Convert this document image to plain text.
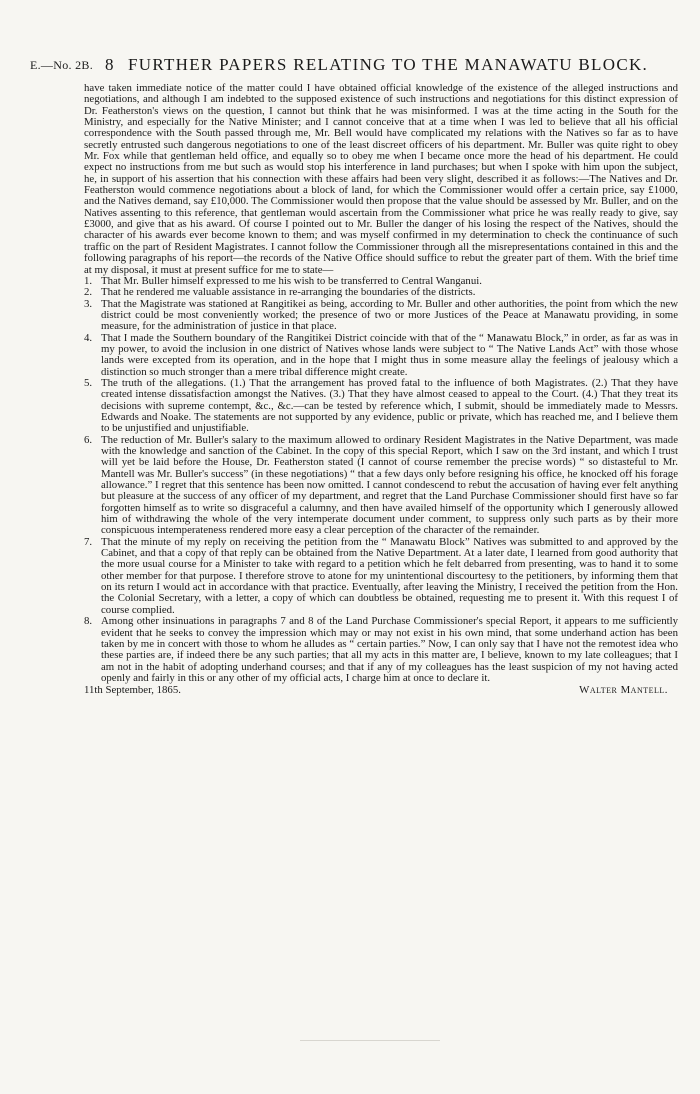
E.—No. 2B. 8 FURTHER PAPERS RELATING TO THE MANAWATU BLOCK.

have taken immediate notice of the matter could I have obtained official knowledge of the existence of the alleged instructions and negotiations, and although I am indebted to the supposed existence of such instructions and negotiations for this distinct expression of Dr. Featherston's views on the question, I cannot but think that he was misinformed. I was at the time acting in the South for the Ministry, and especially for the Native Minister; and I cannot conceive that at a time when I was led to believe that all his official correspondence with the South passed through me, Mr. Bell would have complicated my relations with the Natives so far as to have secretly entrusted such dangerous negotiations to one of the least discreet officers of his department. Mr. Buller was quite right to obey Mr. Fox while that gentleman held office, and equally so to obey me when I became once more the head of his department. He could expect no instructions from me but such as would stop his interference in land purchases; but when I spoke with him upon the subject, he, in support of his assertion that his connection with these affairs had been very slight, described it as follows:—The Natives and Dr. Featherston would commence negotiations about a block of land, for which the Commissioner would offer a certain price, say £1000, and the Natives demand, say £10,000. The Commissioner would then propose that the value should be assessed by Mr. Buller, and on the Natives assenting to this reference, that gentleman would ascertain from the Commissioner what price he was really ready to give, say £3000, and give that as his award. Of course I pointed out to Mr. Buller the danger of his losing the respect of the Natives, should the character of his awards ever become known to them; and was myself confirmed in my determination to check the continuance of such traffic on the part of Resident Magistrates. I cannot follow the Commissioner through all the misrepresentations contained in this and the following paragraphs of his report—the records of the Native Office should suffice to rebut the greater part of them. With the brief time at my disposal, it must at present suffice for me to state—

1. That Mr. Buller himself expressed to me his wish to be transferred to Central Wanganui.
2. That he rendered me valuable assistance in re-arranging the boundaries of the districts.
3. That the Magistrate was stationed at Rangitikei as being, according to Mr. Buller and other authorities, the point from which the new district could be most conveniently worked; the presence of two or more Justices of the Peace at Manawatu providing, in some measure, for the administration of justice in that place.
4. That I made the Southern boundary of the Rangitikei District coincide with that of the “ Manawatu Block,” in order, as far as was in my power, to avoid the inclusion in one district of Natives whose lands were subject to “ The Native Lands Act” with those whose lands were excepted from its operation, and in the hope that I might thus in some measure allay the feelings of jealousy which a distinction so much stronger than a mere tribal difference might create.
5. The truth of the allegations. (1.) That the arrangement has proved fatal to the influence of both Magistrates. (2.) That they have created intense dissatisfaction amongst the Natives. (3.) That they have almost ceased to appeal to the Court. (4.) That they treat its decisions with supreme contempt, &c., &c.—can be tested by reference which, I submit, should be immediately made to Messrs. Edwards and Noake. The statements are not supported by any evidence, public or private, which has reached me, and I believe them to be unjustified and unjustifiable.
6. The reduction of Mr. Buller's salary to the maximum allowed to ordinary Resident Magistrates in the Native Department, was made with the knowledge and sanction of the Cabinet. In the copy of this special Report, which I saw on the 3rd instant, and which I trust will yet be laid before the House, Dr. Featherston stated (I cannot of course remember the precise words) “ so distasteful to Mr. Mantell was Mr. Buller's success” (in these negotiations) “ that a few days only before resigning his office, he knocked off his forage allowance.” I regret that this sentence has been now omitted. I cannot condescend to rebut the accusation of having ever felt anything but pleasure at the success of any officer of my department, and regret that the Land Purchase Commissioner should first have so far forgotten himself as to write so disgraceful a calumny, and then have availed himself of the opportunity which I generously allowed him of withdrawing the whole of the very intemperate document under comment, to suppress only such parts as by their more conspicuous intemperateness rendered more easy a clear perception of the character of the remainder.
7. That the minute of my reply on receiving the petition from the “ Manawatu Block” Natives was submitted to and approved by the Cabinet, and that a copy of that reply can be obtained from the Native Department. At a later date, I learned from good authority that the more usual course for a Minister to take with regard to a petition which he felt debarred from presenting, was to hand it to some other member for that purpose. I therefore strove to atone for my unintentional discourtesy to the petitioners, by informing them that on its return I would act in accordance with that practice. Eventually, after leaving the Ministry, I received the petition from the Hon. the Colonial Secretary, with a letter, a copy of which can doubtless be obtained, requesting me to present it. With this request I of course complied.
8. Among other insinuations in paragraphs 7 and 8 of the Land Purchase Commissioner's special Report, it appears to me sufficiently evident that he seeks to convey the impression which may or may not exist in his own mind, that some underhand action has been taken by me in concert with those to whom he alludes as “ certain parties.” Now, I can only say that I have not the remotest idea who these parties are, if indeed there be any such parties; that all my acts in this matter are, I believe, known to my late colleagues; that I am not in the habit of adopting underhand courses; and that if any of my colleagues has the least suspicion of my not having acted openly and fairly in this or any other of my official acts, I charge him at once to declare it.
11th September, 1865.	Walter Mantell.
